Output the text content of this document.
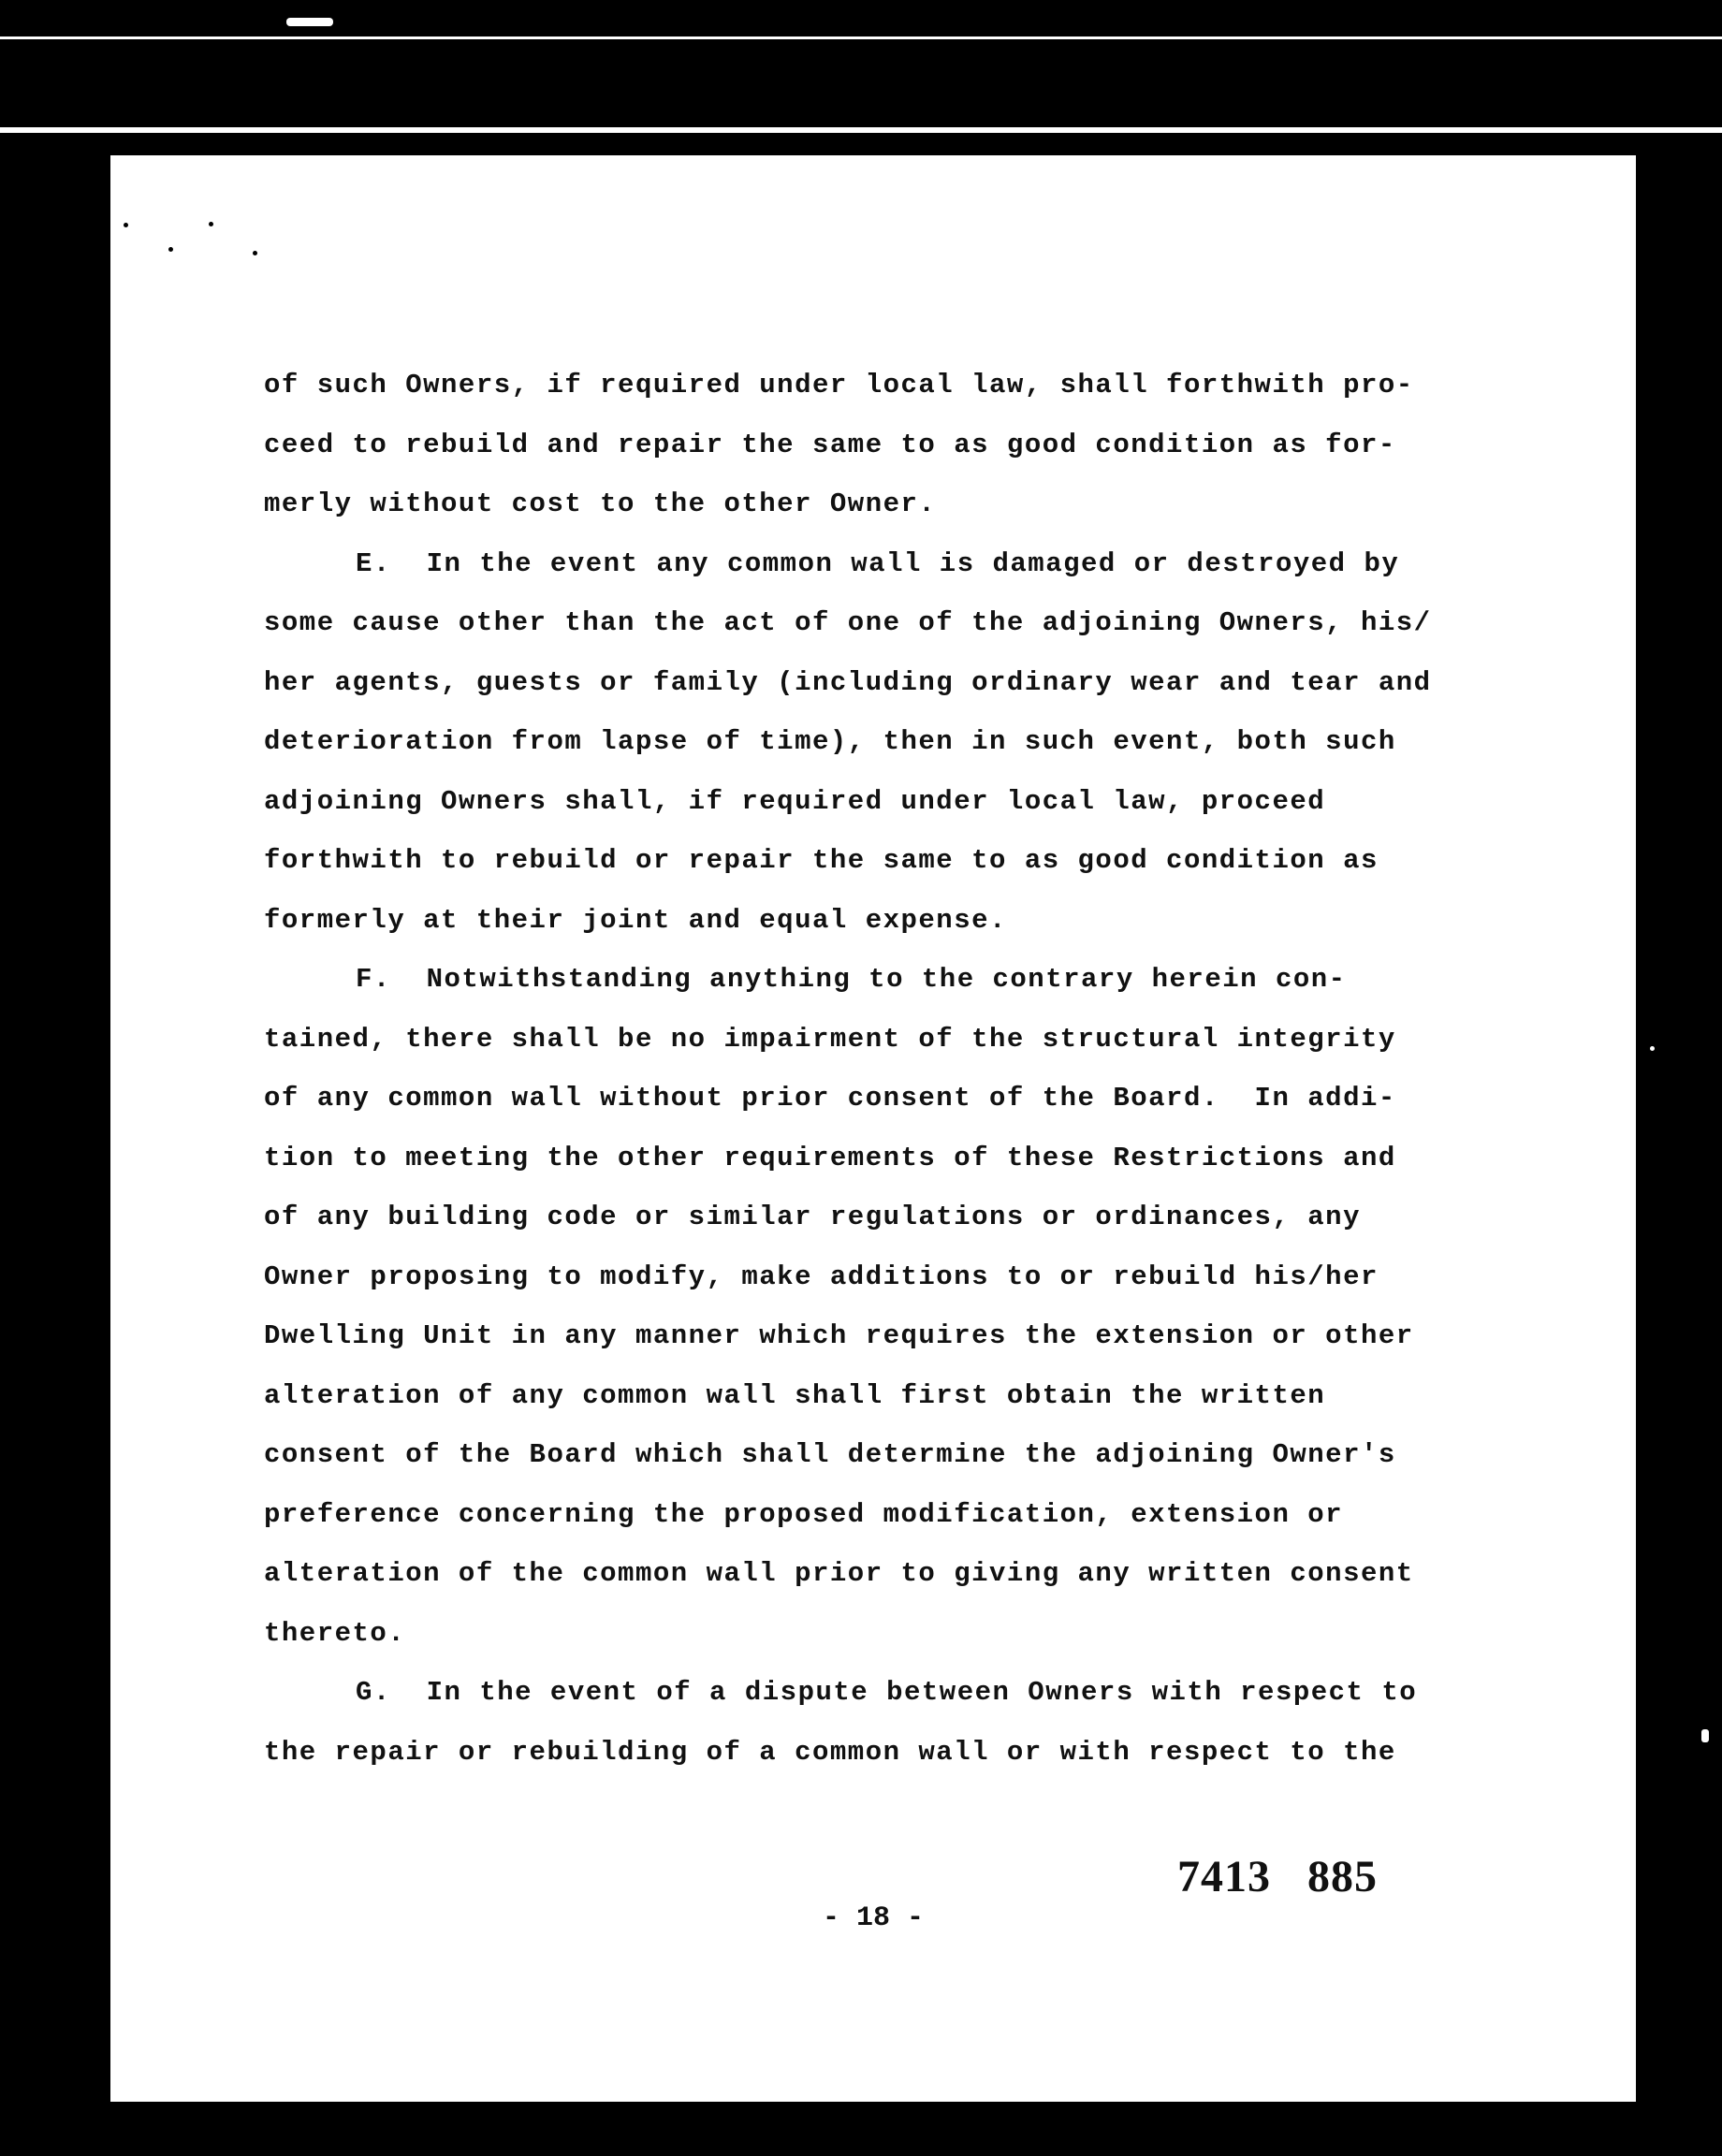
of such Owners, if required under local law, shall forthwith pro-

ceed to rebuild and repair the same to as good condition as for-

merly without cost to the other Owner.

E.  In the event any common wall is damaged or destroyed by

some cause other than the act of one of the adjoining Owners, his/

her agents, guests or family (including ordinary wear and tear and

deterioration from lapse of time), then in such event, both such

adjoining Owners shall, if required under local law, proceed

forthwith to rebuild or repair the same to as good condition as

formerly at their joint and equal expense.

F.  Notwithstanding anything to the contrary herein con-

tained, there shall be no impairment of the structural integrity

of any common wall without prior consent of the Board.  In addi-

tion to meeting the other requirements of these Restrictions and

of any building code or similar regulations or ordinances, any

Owner proposing to modify, make additions to or rebuild his/her

Dwelling Unit in any manner which requires the extension or other

alteration of any common wall shall first obtain the written

consent of the Board which shall determine the adjoining Owner's

preference concerning the proposed modification, extension or

alteration of the common wall prior to giving any written consent

thereto.

G.  In the event of a dispute between Owners with respect to

the repair or rebuilding of a common wall or with respect to the

- 18 -
7413   885
